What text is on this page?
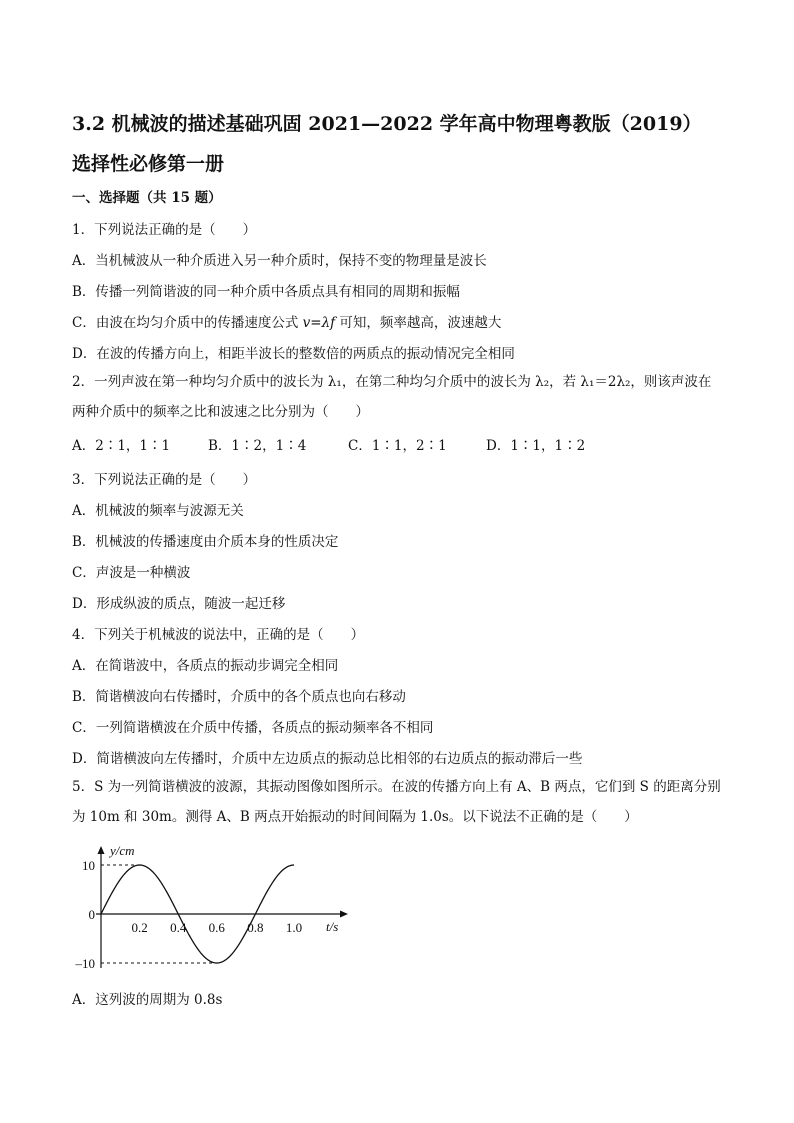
3.2 机械波的描述基础巩固 2021—2022 学年高中物理粤教版（2019）
选择性必修第一册
一、选择题（共 15 题）
1．下列说法正确的是（　　）
A．当机械波从一种介质进入另一种介质时，保持不变的物理量是波长
B．传播一列简谐波的同一种介质中各质点具有相同的周期和振幅
C．由波在均匀介质中的传播速度公式 v=λf 可知，频率越高，波速越大
D．在波的传播方向上，相距半波长的整数倍的两质点的振动情况完全相同
2．一列声波在第一种均匀介质中的波长为 λ₁，在第二种均匀介质中的波长为 λ₂，若 λ₁＝2λ₂，则该声波在两种介质中的频率之比和波速之比分别为（　　）
A．2∶1，1∶1	B．1∶2，1∶4	C．1∶1，2∶1	D．1∶1，1∶2
3．下列说法正确的是（　　）
A．机械波的频率与波源无关
B．机械波的传播速度由介质本身的性质决定
C．声波是一种横波
D．形成纵波的质点，随波一起迁移
4．下列关于机械波的说法中，正确的是（　　）
A．在简谐波中，各质点的振动步调完全相同
B．简谐横波向右传播时，介质中的各个质点也向右移动
C．一列简谐横波在介质中传播，各质点的振动频率各不相同
D．简谐横波向左传播时，介质中左边质点的振动总比相邻的右边质点的振动滞后一些
5．S 为一列简谐横波的波源，其振动图像如图所示。在波的传播方向上有 A、B 两点，它们到 S 的距离分别为 10m 和 30m。测得 A、B 两点开始振动的时间间隔为 1.0s。以下说法不正确的是（　　）
y/cm
t/s
10
0
–10
0.2 0.4 0.6 0.8 1.0
A．这列波的周期为 0.8s
